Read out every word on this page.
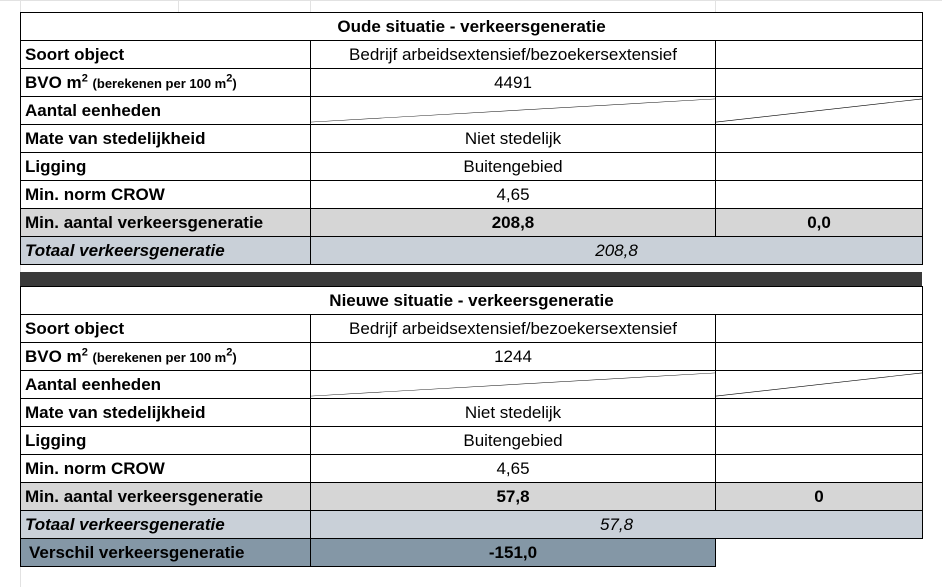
Oude situatie - verkeersgeneratie		
Soort object	Bedrijf arbeidsextensief/bezoekersextensief	
BVO $m^2$ (berekenen per 100 $m^2$)	4491	
Aantal eenheden	

Mate van stedelijkheid	Niet stedelijk	
Ligging	Buitengebied	
Min. norm CROW	4,65	
Min. aantal verkeersgeneratie	208,8	0,0
Totaal verkeersgeneratie	208,8	
Nieuwe situatie - verkeersgeneratie		
Soort object	Bedrijf arbeidsextensief/bezoekersextensief	
BVO $m^2$ (berekenen per 100 $m^2$)	1244	
Aantal eenheden	

Mate van stedelijkheid	Niet stedelijk	
Ligging	Buitengebied	
Min. norm CROW	4,65	
Min. aantal verkeersgeneratie	57,8	0
Totaal verkeersgeneratie	57,8	
Verschil verkeersgeneratie	-151,0	
